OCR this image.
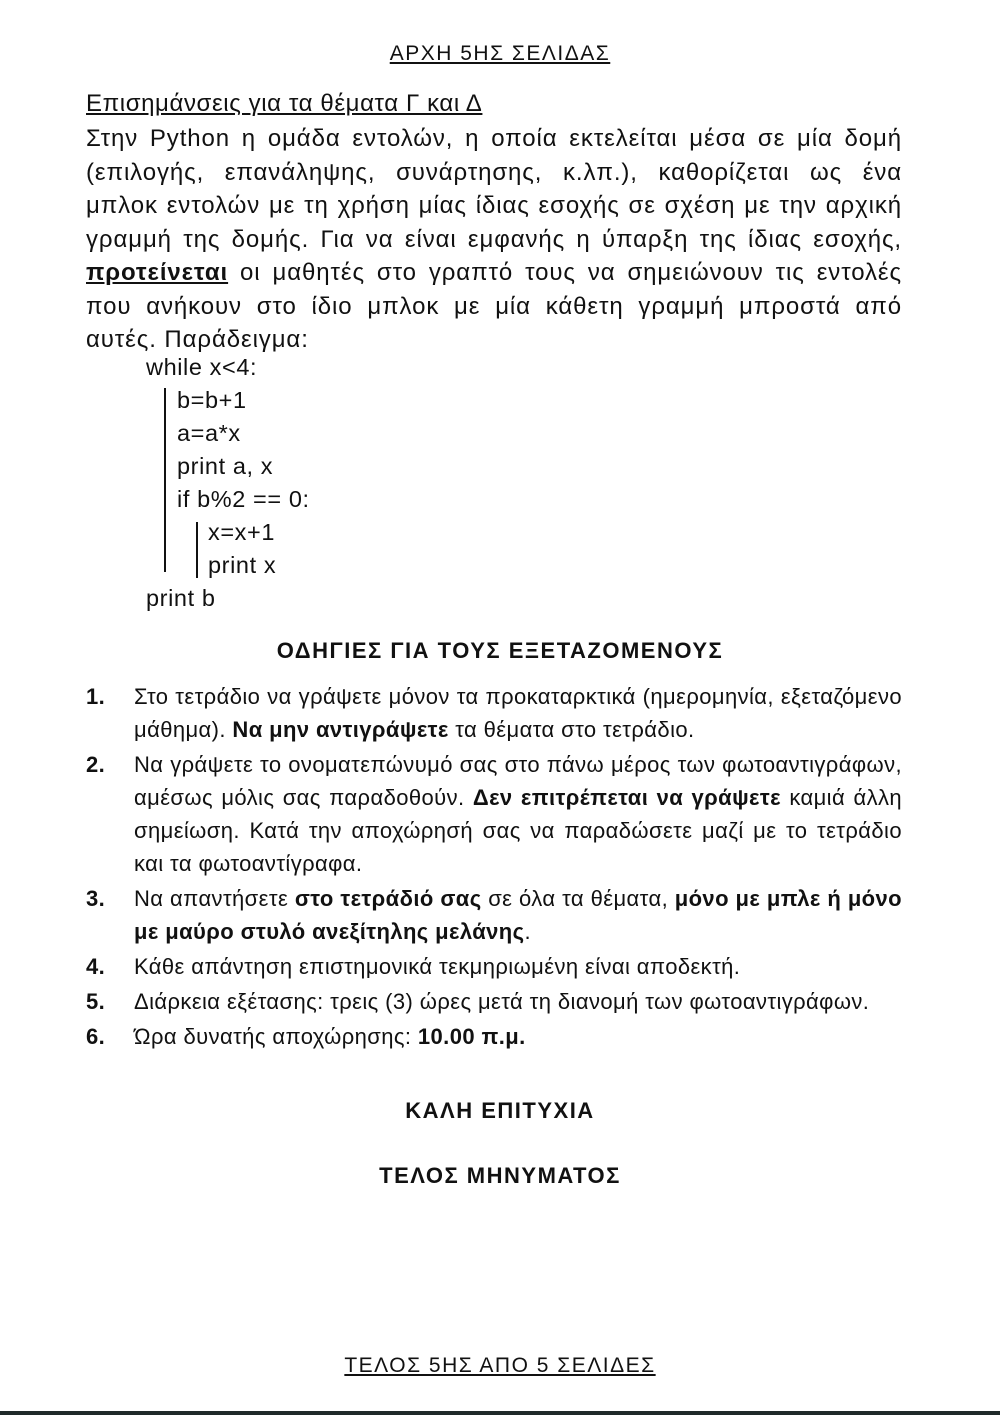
ΑΡΧΗ 5ΗΣ ΣΕΛΙΔΑΣ
Επισημάνσεις για τα θέματα Γ και Δ
Στην Python η ομάδα εντολών, η οποία εκτελείται μέσα σε μία δομή (επιλογής, επανάληψης, συνάρτησης, κ.λπ.), καθορίζεται ως ένα μπλοκ εντολών με τη χρήση μίας ίδιας εσοχής σε σχέση με την αρχική γραμμή της δομής. Για να είναι εμφανής η ύπαρξη της ίδιας εσοχής, προτείνεται οι μαθητές στο γραπτό τους να σημειώνουν τις εντολές που ανήκουν στο ίδιο μπλοκ με μία κάθετη γραμμή μπροστά από αυτές. Παράδειγμα:
while x<4:
b=b+1
a=a*x
print a, x
if b%2 == 0:
x=x+1
print x
print b
ΟΔΗΓΙΕΣ ΓΙΑ ΤΟΥΣ ΕΞΕΤΑΖΟΜΕΝΟΥΣ
1. Στο τετράδιο να γράψετε μόνον τα προκαταρκτικά (ημερομηνία, εξεταζόμενο μάθημα). Να μην αντιγράψετε τα θέματα στο τετράδιο.
2. Να γράψετε το ονοματεπώνυμό σας στο πάνω μέρος των φωτοαντιγράφων, αμέσως μόλις σας παραδοθούν. Δεν επιτρέπεται να γράψετε καμιά άλλη σημείωση. Κατά την αποχώρησή σας να παραδώσετε μαζί με το τετράδιο και τα φωτοαντίγραφα.
3. Να απαντήσετε στο τετράδιό σας σε όλα τα θέματα, μόνο με μπλε ή μόνο με μαύρο στυλό ανεξίτηλης μελάνης.
4. Κάθε απάντηση επιστημονικά τεκμηριωμένη είναι αποδεκτή.
5. Διάρκεια εξέτασης: τρεις (3) ώρες μετά τη διανομή των φωτοαντιγράφων.
6. Ώρα δυνατής αποχώρησης: 10.00 π.μ.
ΚΑΛΗ ΕΠΙΤΥΧΙΑ
ΤΕΛΟΣ ΜΗΝΥΜΑΤΟΣ
ΤΕΛΟΣ 5ΗΣ ΑΠΟ 5 ΣΕΛΙΔΕΣ
